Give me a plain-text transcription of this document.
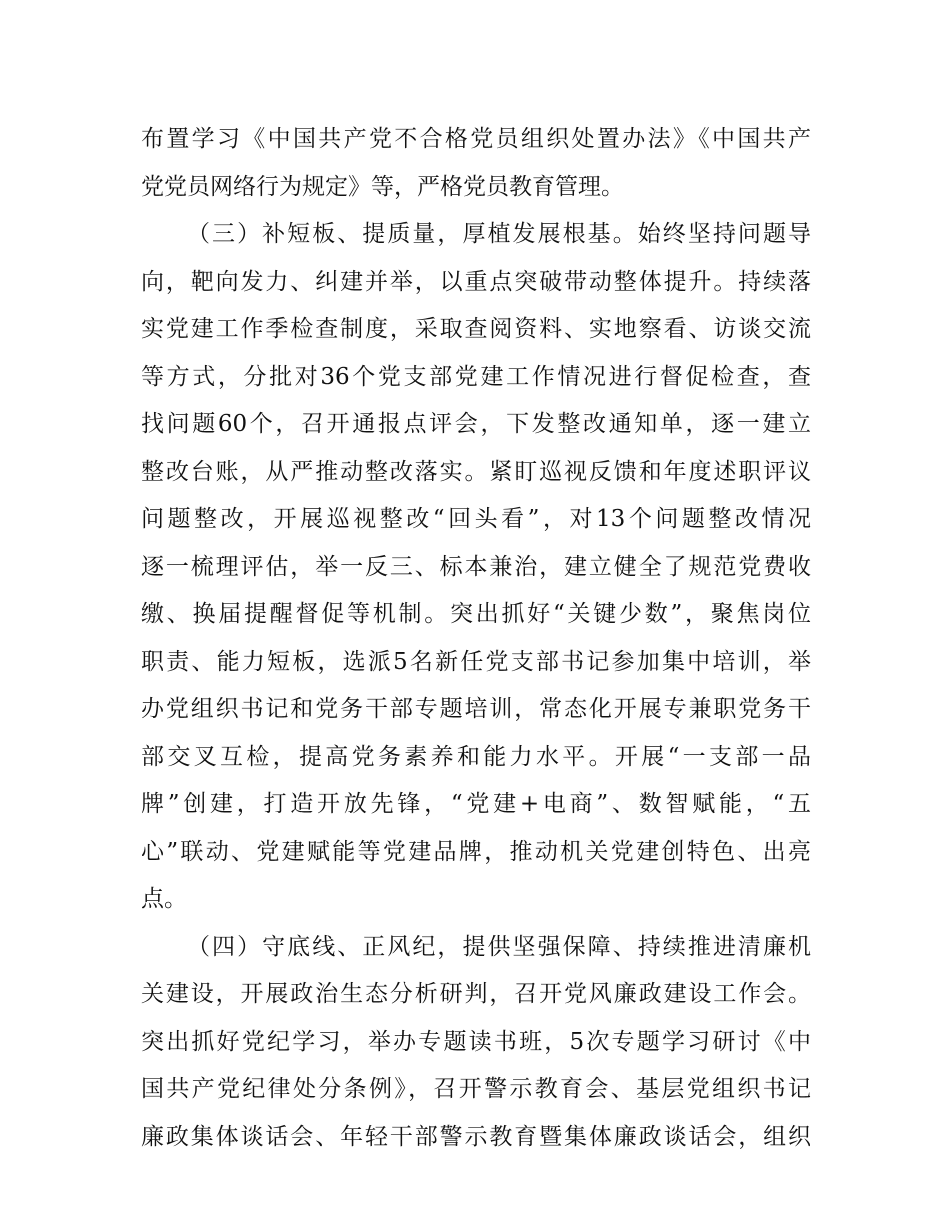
布置学习《中国共产党不合格党员组织处置办法》《中国共产
党党员网络行为规定》等，严格党员教育管理。
（三）补短板、提质量，厚植发展根基。始终坚持问题导
向，靶向发力、纠建并举，以重点突破带动整体提升。持续落
实党建工作季检查制度，采取查阅资料、实地察看、访谈交流
等方式，分批对36个党支部党建工作情况进行督促检查，查
找问题60个，召开通报点评会，下发整改通知单，逐一建立
整改台账，从严推动整改落实。紧盯巡视反馈和年度述职评议
问题整改，开展巡视整改“回头看”，对13个问题整改情况
逐一梳理评估，举一反三、标本兼治，建立健全了规范党费收
缴、换届提醒督促等机制。突出抓好“关键少数”，聚焦岗位
职责、能力短板，选派5名新任党支部书记参加集中培训，举
办党组织书记和党务干部专题培训，常态化开展专兼职党务干
部交叉互检，提高党务素养和能力水平。开展“一支部一品
牌”创建，打造开放先锋，“党建+电商”、数智赋能，“五
心”联动、党建赋能等党建品牌，推动机关党建创特色、出亮
点。
（四）守底线、正风纪，提供坚强保障、持续推进清廉机
关建设，开展政治生态分析研判，召开党风廉政建设工作会。
突出抓好党纪学习，举办专题读书班，5次专题学习研讨《中
国共产党纪律处分条例》，召开警示教育会、基层党组织书记
廉政集体谈话会、年轻干部警示教育暨集体廉政谈话会，组织
